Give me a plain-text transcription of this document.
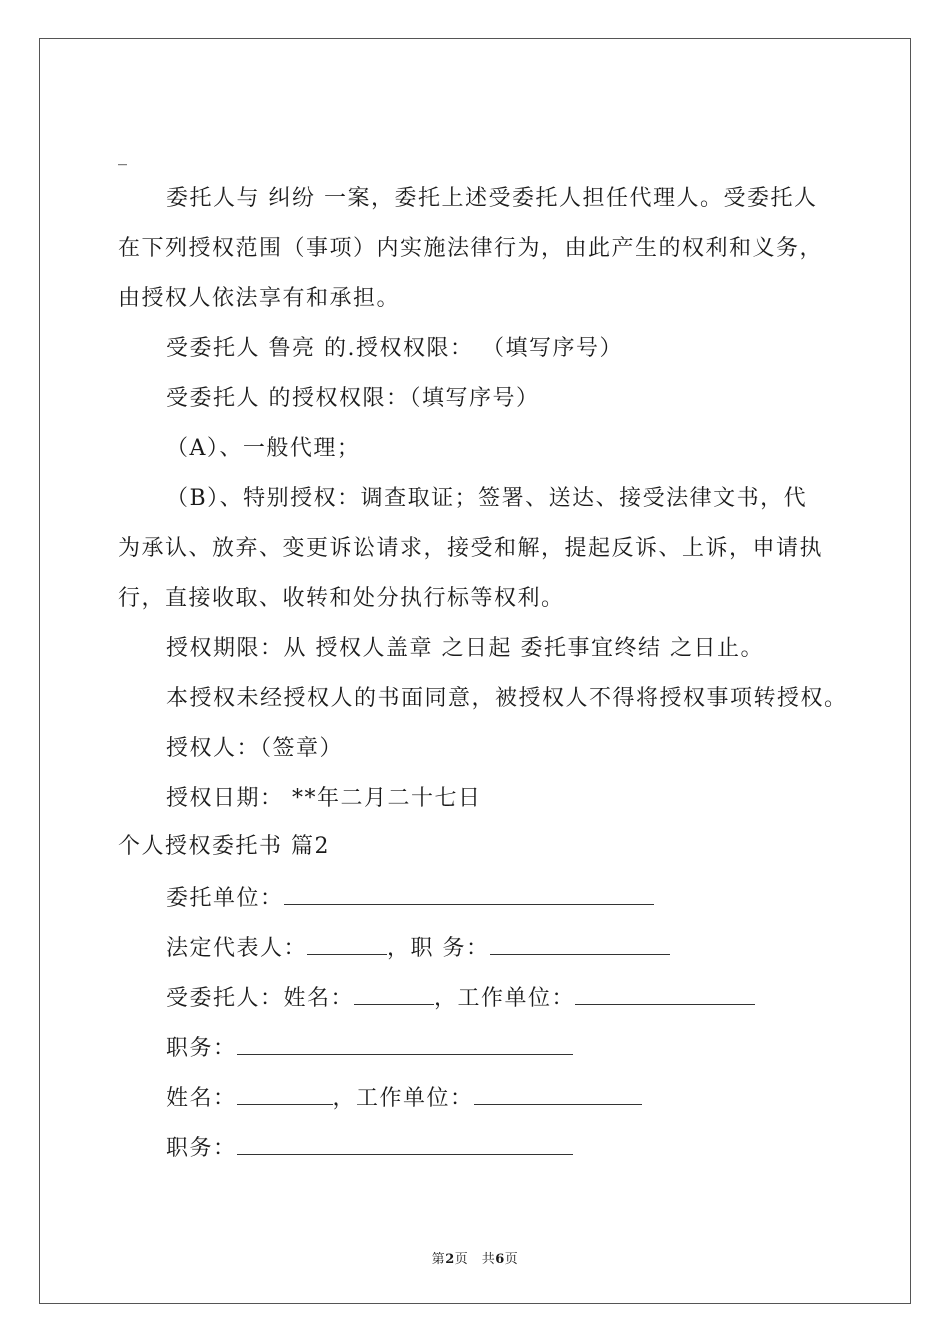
_
委托人与 纠纷 一案，委托上述受委托人担任代理人。受委托人
在下列授权范围（事项）内实施法律行为，由此产生的权利和义务，
由授权人依法享有和承担。
受委托人 鲁亮 的.授权权限： （填写序号）
受委托人 的授权权限：（填写序号）
（A）、一般代理；
（B）、特别授权：调查取证；签署、送达、接受法律文书，代
为承认、放弃、变更诉讼请求，接受和解，提起反诉、上诉，申请执
行，直接收取、收转和处分执行标等权利。
授权期限：从 授权人盖章 之日起 委托事宜终结 之日止。
本授权未经授权人的书面同意，被授权人不得将授权事项转授权。
授权人：（签章）
授权日期： **年二月二十七日
个人授权委托书 篇2
委托单位：
法定代表人：	，职 务：
受委托人：姓名：	，工作单位：
职务：
姓名：	，工作单位：
职务：
第2页　共6页
